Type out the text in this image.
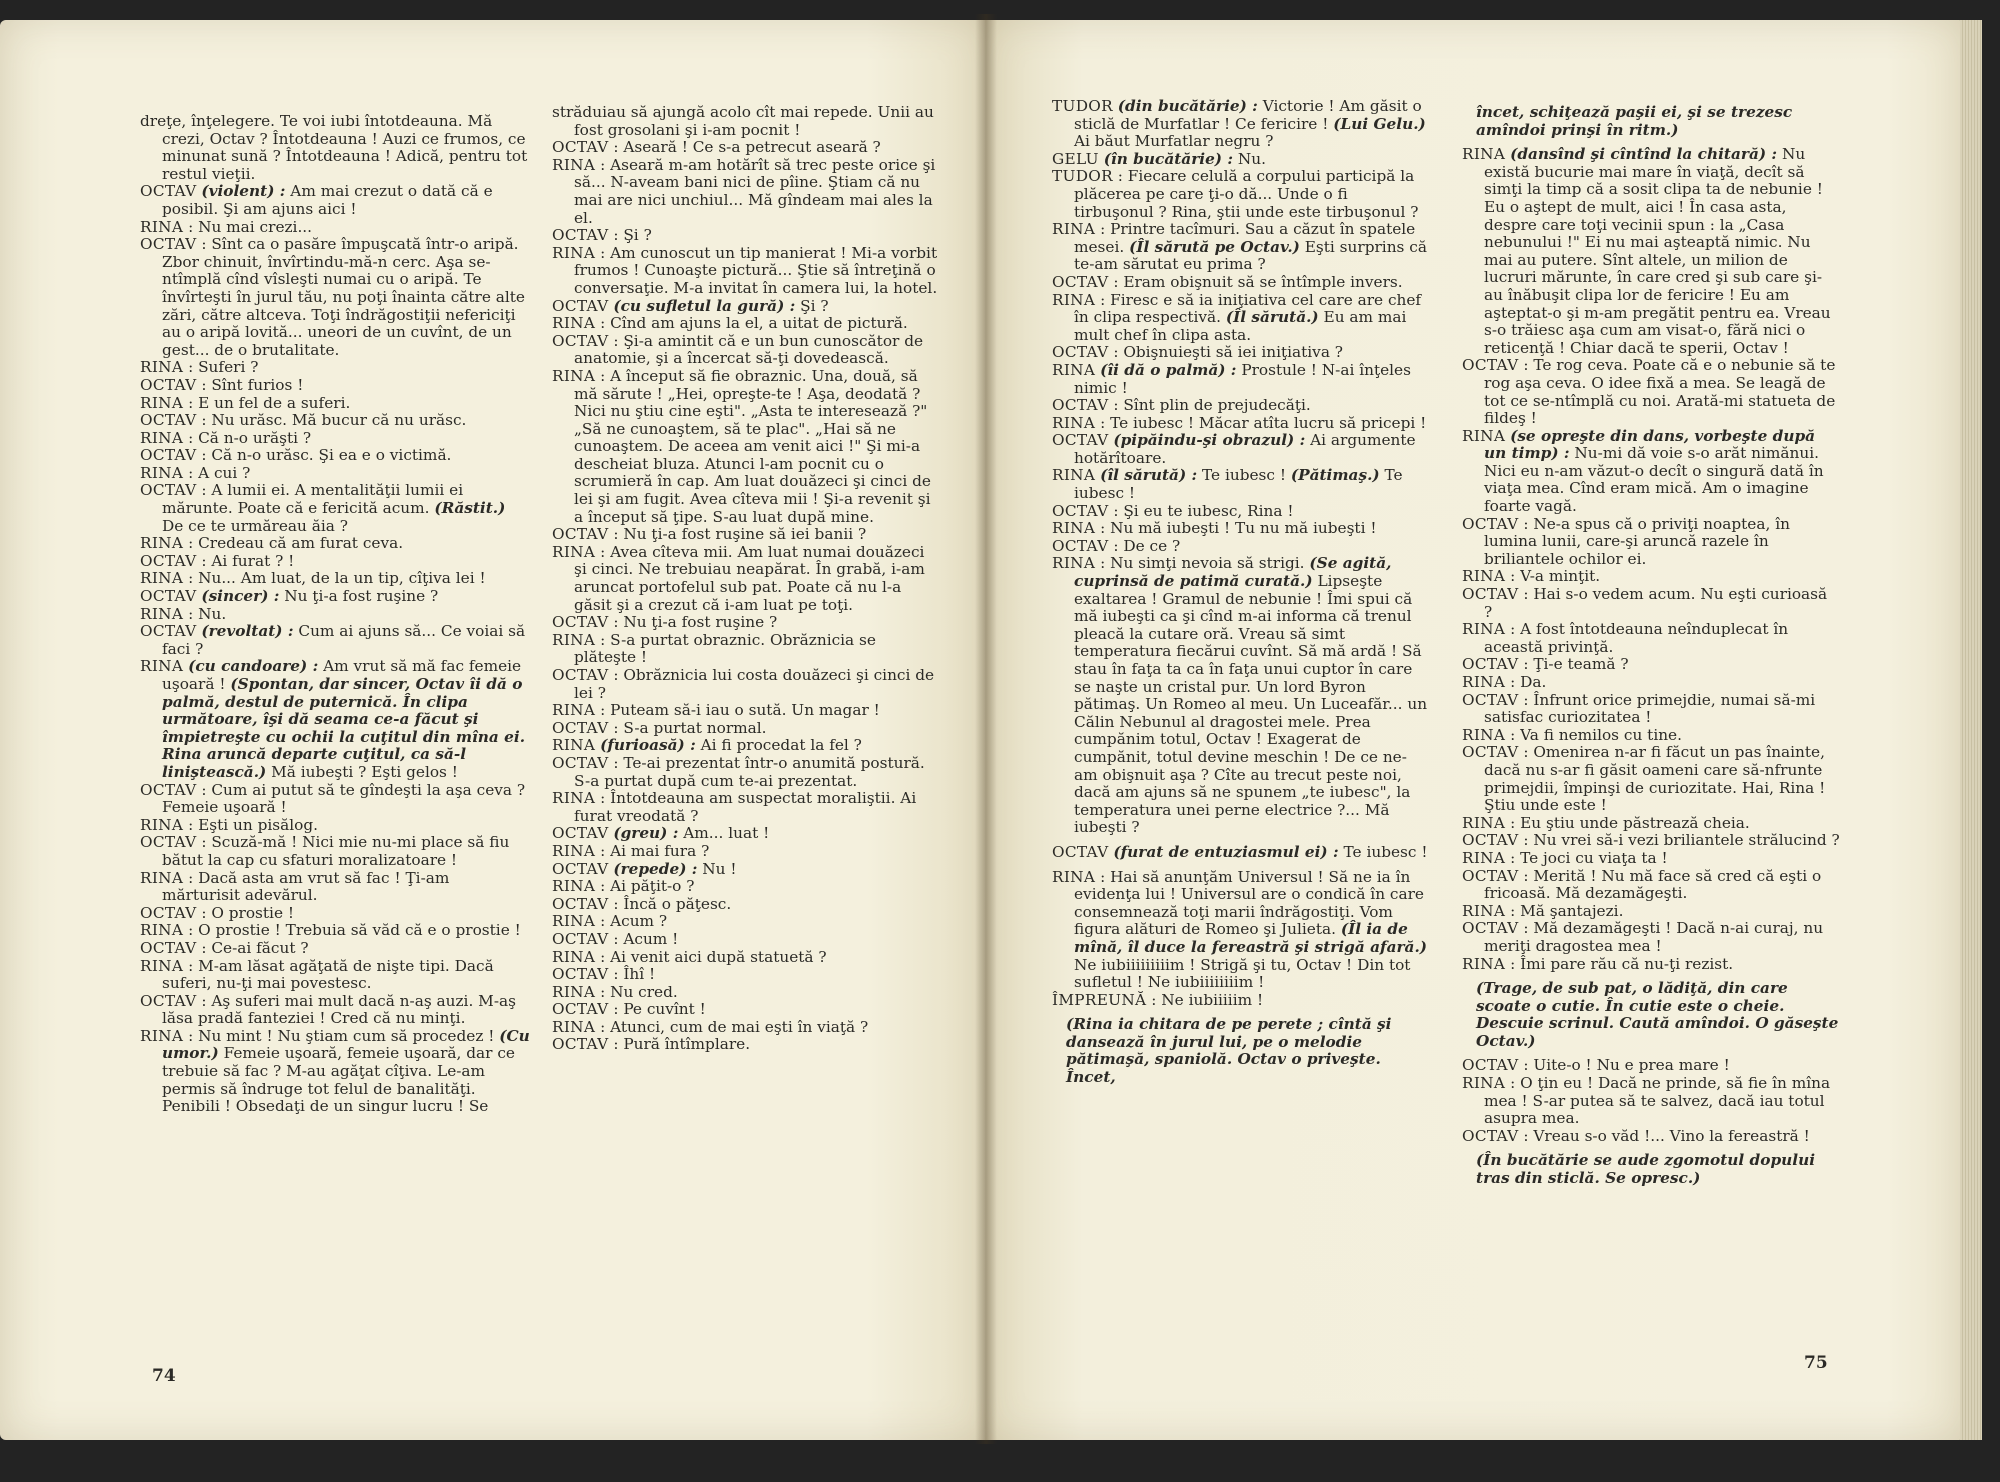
dreţe, înţelegere. Te voi iubi întotdeauna. Mă crezi, Octav ? Întotdeauna ! Auzi ce frumos, ce minunat sună ? Întotdeauna ! Adică, pentru tot restul vieţii.

OCTAV (violent) : Am mai crezut o dată că e posibil. Şi am ajuns aici !

RINA : Nu mai crezi...

OCTAV : Sînt ca o pasăre împuşcată într-o aripă. Zbor chinuit, învîrtindu-mă-n cerc. Aşa se-ntîmplă cînd vîsleşti numai cu o aripă. Te învîrteşti în jurul tău, nu poţi înainta către alte zări, către altceva. Toţi îndrăgostiţii nefericiţi au o aripă lovită... uneori de un cuvînt, de un gest... de o brutalitate.

RINA : Suferi ?

OCTAV : Sînt furios !

RINA : E un fel de a suferi.

OCTAV : Nu urăsc. Mă bucur că nu urăsc.

RINA : Că n-o urăşti ?

OCTAV : Că n-o urăsc. Şi ea e o victimă.

RINA : A cui ?

OCTAV : A lumii ei. A mentalităţii lumii ei mărunte. Poate că e fericită acum. (Răstit.) De ce te urmăreau ăia ?

RINA : Credeau că am furat ceva.

OCTAV : Ai furat ? !

RINA : Nu... Am luat, de la un tip, cîţiva lei !

OCTAV (sincer) : Nu ţi-a fost ruşine ?

RINA : Nu.

OCTAV (revoltat) : Cum ai ajuns să... Ce voiai să faci ?

RINA (cu candoare) : Am vrut să mă fac femeie uşoară ! (Spontan, dar sincer, Octav îi dă o palmă, destul de puternică. În clipa următoare, îşi dă seama ce-a făcut şi împietreşte cu ochii la cuţitul din mîna ei. Rina aruncă departe cuţitul, ca să-l liniştească.) Mă iubeşti ? Eşti gelos !

OCTAV : Cum ai putut să te gîndeşti la aşa ceva ? Femeie uşoară !

RINA : Eşti un pisălog.

OCTAV : Scuză-mă ! Nici mie nu-mi place să fiu bătut la cap cu sfaturi moralizatoare !

RINA : Dacă asta am vrut să fac ! Ţi-am mărturisit adevărul.

OCTAV : O prostie !

RINA : O prostie ! Trebuia să văd că e o prostie !

OCTAV : Ce-ai făcut ?

RINA : M-am lăsat agăţată de nişte tipi. Dacă suferi, nu-ţi mai povestesc.

OCTAV : Aş suferi mai mult dacă n-aş auzi. M-aş lăsa pradă fanteziei ! Cred că nu minţi.

RINA : Nu mint ! Nu ştiam cum să procedez ! (Cu umor.) Femeie uşoară, femeie uşoară, dar ce trebuie să fac ? M-au agăţat cîţiva. Le-am permis să îndruge tot felul de banalităţi. Penibili ! Obsedaţi de un singur lucru ! Se

străduiau să ajungă acolo cît mai repede. Unii au fost grosolani şi i-am pocnit !

OCTAV : Aseară ! Ce s-a petrecut aseară ?

RINA : Aseară m-am hotărît să trec peste orice şi să... N-aveam bani nici de pîine. Ştiam că nu mai are nici unchiul... Mă gîndeam mai ales la el.

OCTAV : Şi ?

RINA : Am cunoscut un tip manierat ! Mi-a vorbit frumos ! Cunoaşte pictură... Ştie să întreţină o conversaţie. M-a invitat în camera lui, la hotel.

OCTAV (cu sufletul la gură) : Şi ?

RINA : Cînd am ajuns la el, a uitat de pictură.

OCTAV : Şi-a amintit că e un bun cunoscător de anatomie, şi a încercat să-ţi dovedească.

RINA : A început să fie obraznic. Una, două, să mă sărute ! „Hei, opreşte-te ! Aşa, deodată ? Nici nu ştiu cine eşti". „Asta te interesează ?" „Să ne cunoaştem, să te plac". „Hai să ne cunoaştem. De aceea am venit aici !" Şi mi-a descheiat bluza. Atunci l-am pocnit cu o scrumieră în cap. Am luat douăzeci şi cinci de lei şi am fugit. Avea cîteva mii ! Şi-a revenit şi a început să ţipe. S-au luat după mine.

OCTAV : Nu ţi-a fost ruşine să iei banii ?

RINA : Avea cîteva mii. Am luat numai douăzeci şi cinci. Ne trebuiau neapărat. În grabă, i-am aruncat portofelul sub pat. Poate că nu l-a găsit şi a crezut că i-am luat pe toţi.

OCTAV : Nu ţi-a fost ruşine ?

RINA : S-a purtat obraznic. Obrăznicia se plăteşte !

OCTAV : Obrăznicia lui costa douăzeci şi cinci de lei ?

RINA : Puteam să-i iau o sută. Un magar !

OCTAV : S-a purtat normal.

RINA (furioasă) : Ai fi procedat la fel ?

OCTAV : Te-ai prezentat într-o anumită postură. S-a purtat după cum te-ai prezentat.

RINA : Întotdeauna am suspectat moraliştii. Ai furat vreodată ?

OCTAV (greu) : Am... luat !

RINA : Ai mai fura ?

OCTAV (repede) : Nu !

RINA : Ai păţit-o ?

OCTAV : Încă o păţesc.

RINA : Acum ?

OCTAV : Acum !

RINA : Ai venit aici după statuetă ?

OCTAV : Îhî !

RINA : Nu cred.

OCTAV : Pe cuvînt !

RINA : Atunci, cum de mai eşti în viaţă ?

OCTAV : Pură întîmplare.

TUDOR (din bucătărie) : Victorie ! Am găsit o sticlă de Murfatlar ! Ce fericire ! (Lui Gelu.) Ai băut Murfatlar negru ?

GELU (în bucătărie) : Nu.

TUDOR : Fiecare celulă a corpului participă la plăcerea pe care ţi-o dă... Unde o fi tirbuşonul ? Rina, ştii unde este tirbuşonul ?

RINA : Printre tacîmuri. Sau a căzut în spatele mesei. (Îl sărută pe Octav.) Eşti surprins că te-am sărutat eu prima ?

OCTAV : Eram obişnuit să se întîmple invers.

RINA : Firesc e să ia iniţiativa cel care are chef în clipa respectivă. (Îl sărută.) Eu am mai mult chef în clipa asta.

OCTAV : Obişnuieşti să iei iniţiativa ?

RINA (îi dă o palmă) : Prostule ! N-ai înţeles nimic !

OCTAV : Sînt plin de prejudecăţi.

RINA : Te iubesc ! Măcar atîta lucru să pricepi !

OCTAV (pipăindu-şi obrazul) : Ai argumente hotărîtoare.

RINA (îl sărută) : Te iubesc ! (Pătimaş.) Te iubesc !

OCTAV : Şi eu te iubesc, Rina !

RINA : Nu mă iubeşti ! Tu nu mă iubeşti !

OCTAV : De ce ?

RINA : Nu simţi nevoia să strigi. (Se agită, cuprinsă de patimă curată.) Lipseşte exaltarea ! Gramul de nebunie ! Îmi spui că mă iubeşti ca şi cînd m-ai informa că trenul pleacă la cutare oră. Vreau să simt temperatura fiecărui cuvînt. Să mă ardă ! Să stau în faţa ta ca în faţa unui cuptor în care se naşte un cristal pur. Un lord Byron pătimaş. Un Romeo al meu. Un Luceafăr... un Călin Nebunul al dragostei mele. Prea cumpănim totul, Octav ! Exagerat de cumpănit, totul devine meschin ! De ce ne-am obişnuit aşa ? Cîte au trecut peste noi, dacă am ajuns să ne spunem „te iubesc", la temperatura unei perne electrice ?... Mă iubeşti ?

OCTAV (furat de entuziasmul ei) : Te iubesc !

RINA : Hai să anunţăm Universul ! Să ne ia în evidenţa lui ! Universul are o condică în care consemnează toţi marii îndrăgostiţi. Vom figura alături de Romeo şi Julieta. (Îl ia de mînă, îl duce la fereastră şi strigă afară.) Ne iubiiiiiiiiim ! Strigă şi tu, Octav ! Din tot sufletul ! Ne iubiiiiiiiim !

ÎMPREUNĂ : Ne iubiiiiim !

(Rina ia chitara de pe perete ; cîntă şi dansează în jurul lui, pe o melodie pătimaşă, spaniolă. Octav o priveşte. Încet,

încet, schiţează paşii ei, şi se trezesc amîndoi prinşi în ritm.)

RINA (dansînd şi cîntînd la chitară) : Nu există bucurie mai mare în viaţă, decît să simţi la timp că a sosit clipa ta de nebunie ! Eu o aştept de mult, aici ! În casa asta, despre care toţi vecinii spun : la „Casa nebunului !" Ei nu mai aşteaptă nimic. Nu mai au putere. Sînt altele, un milion de lucruri mărunte, în care cred şi sub care şi-au înăbuşit clipa lor de fericire ! Eu am aşteptat-o şi m-am pregătit pentru ea. Vreau s-o trăiesc aşa cum am visat-o, fără nici o reticenţă ! Chiar dacă te sperii, Octav !

OCTAV : Te rog ceva. Poate că e o nebunie să te rog aşa ceva. O idee fixă a mea. Se leagă de tot ce se-ntîmplă cu noi. Arată-mi statueta de fildeş !

RINA (se opreşte din dans, vorbeşte după un timp) : Nu-mi dă voie s-o arăt nimănui. Nici eu n-am văzut-o decît o singură dată în viaţa mea. Cînd eram mică. Am o imagine foarte vagă.

OCTAV : Ne-a spus că o priviţi noaptea, în lumina lunii, care-şi aruncă razele în briliantele ochilor ei.

RINA : V-a minţit.

OCTAV : Hai s-o vedem acum. Nu eşti curioasă ?

RINA : A fost întotdeauna neînduplecat în această privinţă.

OCTAV : Ţi-e teamă ?

RINA : Da.

OCTAV : Înfrunt orice primejdie, numai să-mi satisfac curiozitatea !

RINA : Va fi nemilos cu tine.

OCTAV : Omenirea n-ar fi făcut un pas înainte, dacă nu s-ar fi găsit oameni care să-nfrunte primejdii, împinşi de curiozitate. Hai, Rina ! Ştiu unde este !

RINA : Eu ştiu unde păstrează cheia.

OCTAV : Nu vrei să-i vezi briliantele strălucind ?

RINA : Te joci cu viaţa ta !

OCTAV : Merită ! Nu mă face să cred că eşti o fricoasă. Mă dezamăgeşti.

RINA : Mă şantajezi.

OCTAV : Mă dezamăgeşti ! Dacă n-ai curaj, nu meriţi dragostea mea !

RINA : Îmi pare rău că nu-ţi rezist.

(Trage, de sub pat, o lădiţă, din care scoate o cutie. În cutie este o cheie. Descuie scrinul. Caută amîndoi. O găseşte Octav.)

OCTAV : Uite-o ! Nu e prea mare !

RINA : O ţin eu ! Dacă ne prinde, să fie în mîna mea ! S-ar putea să te salvez, dacă iau totul asupra mea.

OCTAV : Vreau s-o văd !... Vino la fereastră !

(În bucătărie se aude zgomotul dopului tras din sticlă. Se opresc.)

74
75
